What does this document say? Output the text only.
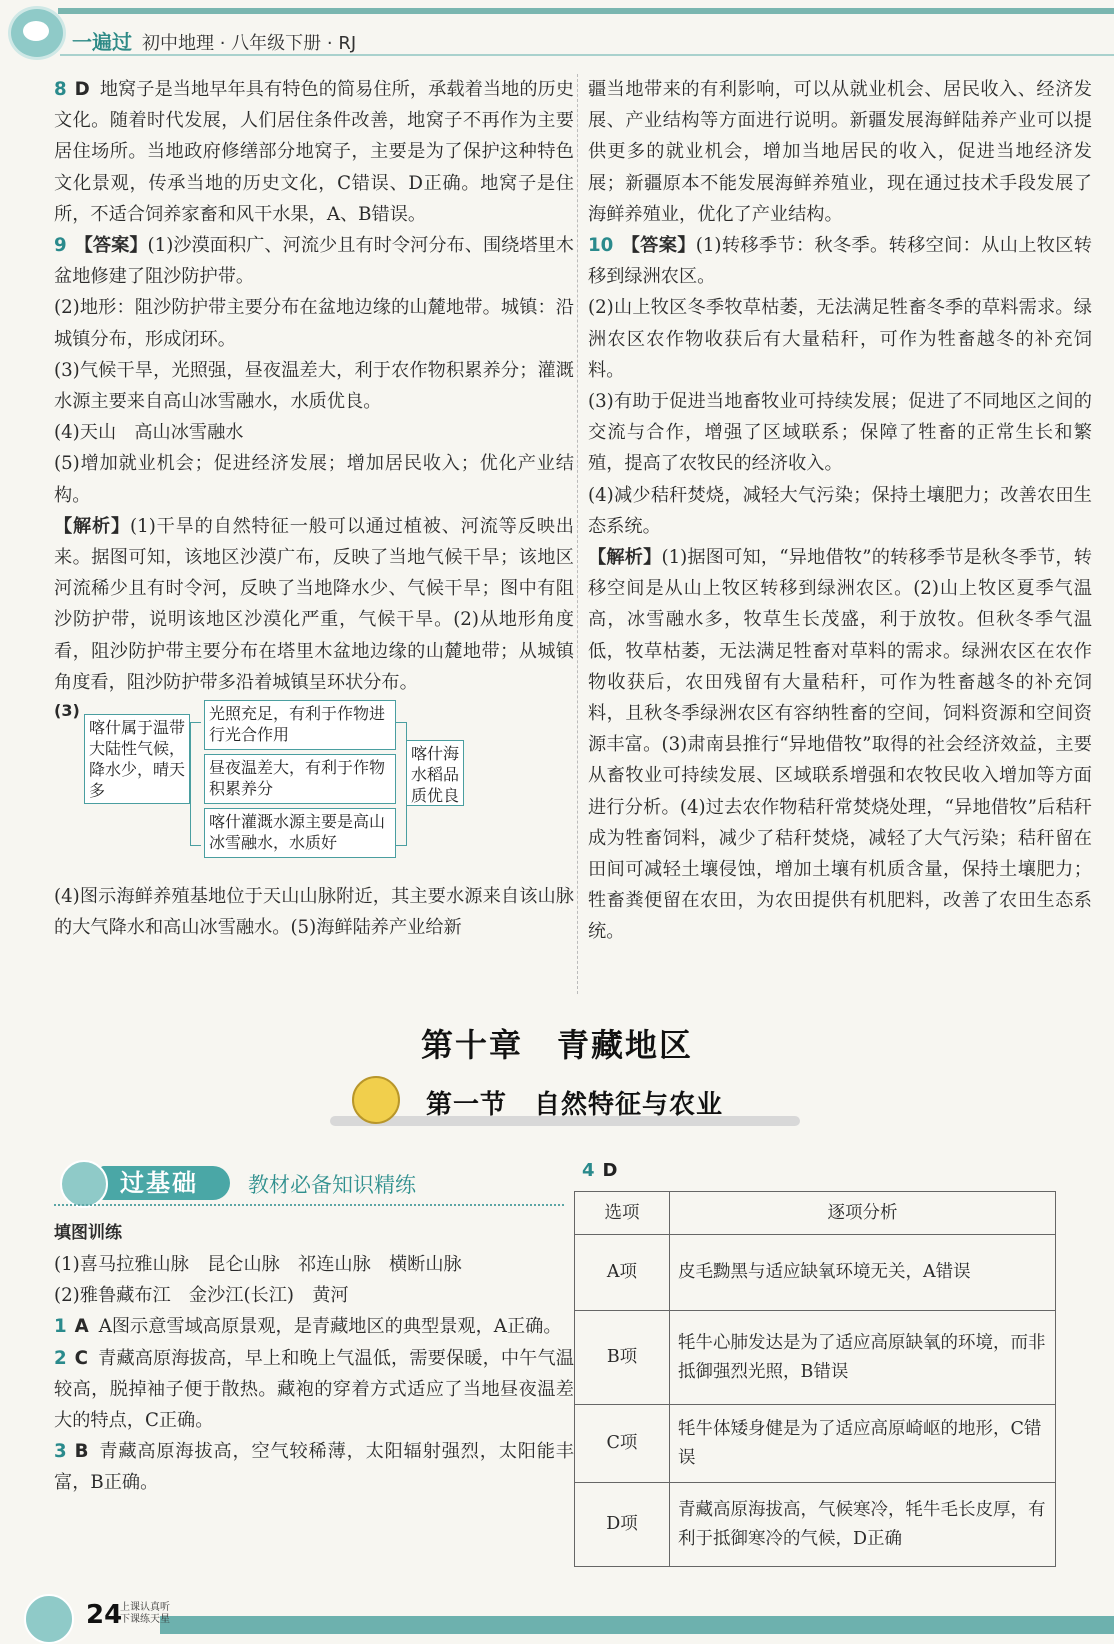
一遍过 初中地理 · 八年级下册 · RJ

8 D 地窝子是当地早年具有特色的简易住所，承载着当地的历史文化。随着时代发展，人们居住条件改善，地窝子不再作为主要居住场所。当地政府修缮部分地窝子，主要是为了保护这种特色文化景观，传承当地的历史文化，C错误、D正确。地窝子是住所，不适合饲养家畜和风干水果，A、B错误。

9 【答案】(1)沙漠面积广、河流少且有时令河分布、围绕塔里木盆地修建了阻沙防护带。

(2)地形：阻沙防护带主要分布在盆地边缘的山麓地带。城镇：沿城镇分布，形成闭环。

(3)气候干旱，光照强，昼夜温差大，利于农作物积累养分；灌溉水源主要来自高山冰雪融水，水质优良。

(4)天山　高山冰雪融水

(5)增加就业机会；促进经济发展；增加居民收入；优化产业结构。

【解析】(1)干旱的自然特征一般可以通过植被、河流等反映出来。据图可知，该地区沙漠广布，反映了当地气候干旱；该地区河流稀少且有时令河，反映了当地降水少、气候干旱；图中有阻沙防护带，说明该地区沙漠化严重，气候干旱。(2)从地形角度看，阻沙防护带主要分布在塔里木盆地边缘的山麓地带；从城镇角度看，阻沙防护带多沿着城镇呈环状分布。

(3)
喀什属于温带大陆性气候，降水少，晴天多
光照充足，有利于作物进行光合作用
昼夜温差大，有利于作物积累养分
喀什灌溉水源主要是高山冰雪融水，水质好
喀什海水稻品质优良

(4)图示海鲜养殖基地位于天山山脉附近，其主要水源来自该山脉的大气降水和高山冰雪融水。(5)海鲜陆养产业给新

疆当地带来的有利影响，可以从就业机会、居民收入、经济发展、产业结构等方面进行说明。新疆发展海鲜陆养产业可以提供更多的就业机会，增加当地居民的收入，促进当地经济发展；新疆原本不能发展海鲜养殖业，现在通过技术手段发展了海鲜养殖业，优化了产业结构。

10 【答案】(1)转移季节：秋冬季。转移空间：从山上牧区转移到绿洲农区。

(2)山上牧区冬季牧草枯萎，无法满足牲畜冬季的草料需求。绿洲农区农作物收获后有大量秸秆，可作为牲畜越冬的补充饲料。

(3)有助于促进当地畜牧业可持续发展；促进了不同地区之间的交流与合作，增强了区域联系；保障了牲畜的正常生长和繁殖，提高了农牧民的经济收入。

(4)减少秸秆焚烧，减轻大气污染；保持土壤肥力；改善农田生态系统。

【解析】(1)据图可知，“异地借牧”的转移季节是秋冬季节，转移空间是从山上牧区转移到绿洲农区。(2)山上牧区夏季气温高，冰雪融水多，牧草生长茂盛，利于放牧。但秋冬季气温低，牧草枯萎，无法满足牲畜对草料的需求。绿洲农区在农作物收获后，农田残留有大量秸秆，可作为牲畜越冬的补充饲料，且秋冬季绿洲农区有容纳牲畜的空间，饲料资源和空间资源丰富。(3)肃南县推行“异地借牧”取得的社会经济效益，主要从畜牧业可持续发展、区域联系增强和农牧民收入增加等方面进行分析。(4)过去农作物秸秆常焚烧处理，“异地借牧”后秸秆成为牲畜饲料，减少了秸秆焚烧，减轻了大气污染；秸秆留在田间可减轻土壤侵蚀，增加土壤有机质含量，保持土壤肥力；牲畜粪便留在农田，为农田提供有机肥料，改善了农田生态系统。

第十章　青藏地区
第一节　自然特征与农业
过基础	教材必备知识精练

填图训练

(1)喜马拉雅山脉　昆仑山脉　祁连山脉　横断山脉

(2)雅鲁藏布江　金沙江(长江)　黄河

1 A A图示意雪域高原景观，是青藏地区的典型景观，A正确。

2 C 青藏高原海拔高，早上和晚上气温低，需要保暖，中午气温较高，脱掉袖子便于散热。藏袍的穿着方式适应了当地昼夜温差大的特点，C正确。

3 B 青藏高原海拔高，空气较稀薄，太阳辐射强烈，太阳能丰富，B正确。

4 D
选项	逐项分析
A项	皮毛黝黑与适应缺氧环境无关，A错误
B项	牦牛心肺发达是为了适应高原缺氧的环境，而非抵御强烈光照，B错误
C项	牦牛体矮身健是为了适应高原崎岖的地形，C错误
D项	青藏高原海拔高，气候寒冷，牦牛毛长皮厚，有利于抵御寒冷的气候，D正确
24
上课认真听
下课练天星
